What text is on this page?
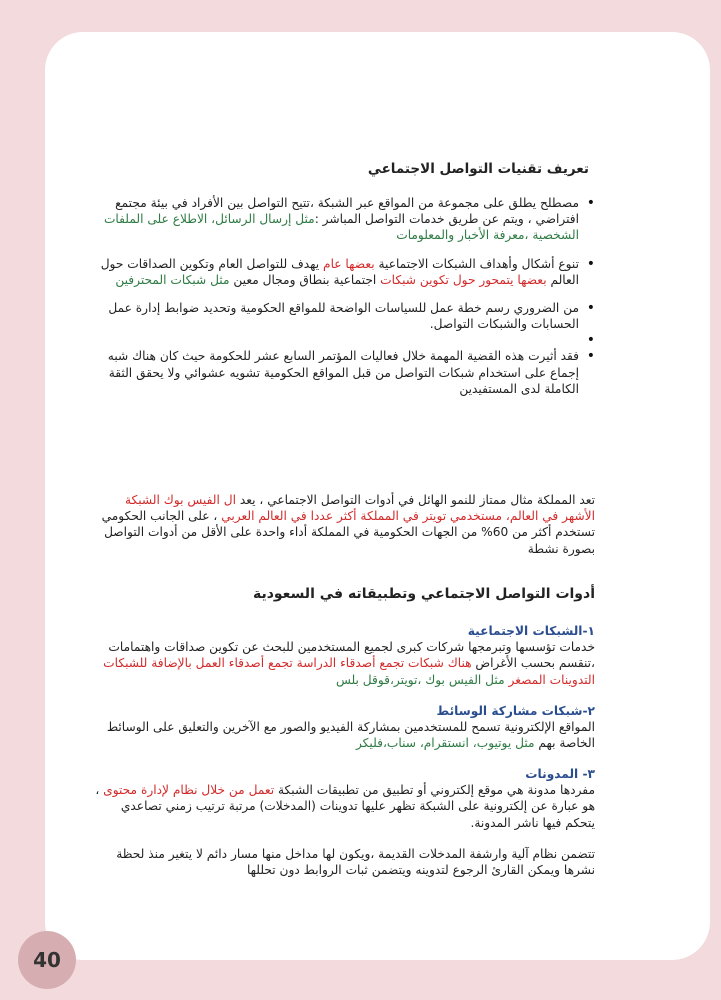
تعريف تقنيات التواصل الاجتماعي
• مصطلح يطلق على مجموعة من المواقع عبر الشبكة ،تتيح التواصل بين الأفراد في بيئة مجتمع افتراضي ، ويتم عن طريق خدمات التواصل المباشر :مثل إرسال الرسائل، الاطلاع على الملفات الشخصية ،معرفة الأخبار والمعلومات
• تنوع أشكال وأهداف الشبكات الاجتماعية بعضها عام يهدف للتواصل العام وتكوين الصداقات حول العالم بعضها يتمحور حول تكوين شبكات اجتماعية بنطاق ومجال معين مثل شبكات المحترفين
• من الضروري رسم خطة عمل للسياسات الواضحة للمواقع الحكومية وتحديد ضوابط إدارة عمل الحسابات والشبكات التواصل.
•
• فقد أثيرت هذه القضية المهمة خلال فعاليات المؤتمر السابع عشر للحكومة حيث كان هناك شبه إجماع على استخدام شبكات التواصل من قبل المواقع الحكومية تشويه عشوائي ولا يحقق الثقة الكاملة لدى المستفيدين
تعد المملكة مثال ممتاز للنمو الهائل في أدوات التواصل الاجتماعي ، يعد ال الفيس بوك الشبكة الأشهر في العالم، مستخدمي تويتر في المملكة أكثر عددا في العالم العربي ، على الجانب الحكومي تستخدم أكثر من 60% من الجهات الحكومية في المملكة أداء واحدة على الأقل من أدوات التواصل بصورة نشطة
أدوات التواصل الاجتماعي وتطبيقاته في السعودية
١-الشبكات الاجتماعية
خدمات تؤسسها وتبرمجها شركات كبرى لجميع المستخدمين للبحث عن تكوين صداقات واهتمامات ،تنقسم بحسب الأغراض هناك شبكات تجمع أصدقاء الدراسة تجمع أصدقاء العمل بالإضافة للشبكات التدوينات المصغر مثل الفيس بوك ،تويتر،قوقل بلس
٢-شبكات مشاركة الوسائط
المواقع الإلكترونية تسمح للمستخدمين بمشاركة الفيديو والصور مع الآخرين والتعليق على الوسائط الخاصة بهم مثل يوتيوب، انستقرام، سناب،فليكر
٣- المدونات
مفردها مدونة هي موقع إلكتروني أو تطبيق من تطبيقات الشبكة تعمل من خلال نظام لإدارة محتوى ، هو عبارة عن إلكترونية على الشبكة تظهر عليها تدوينات (المدخلات) مرتبة ترتيب زمني تصاعدي يتحكم فيها ناشر المدونة.
تتضمن نظام آلية وارشفة المدخلات القديمة ،ويكون لها مداخل منها مسار دائم لا يتغير منذ لحظة نشرها ويمكن القارئ الرجوع لتدوينه ويتضمن ثبات الروابط دون تحللها
40
